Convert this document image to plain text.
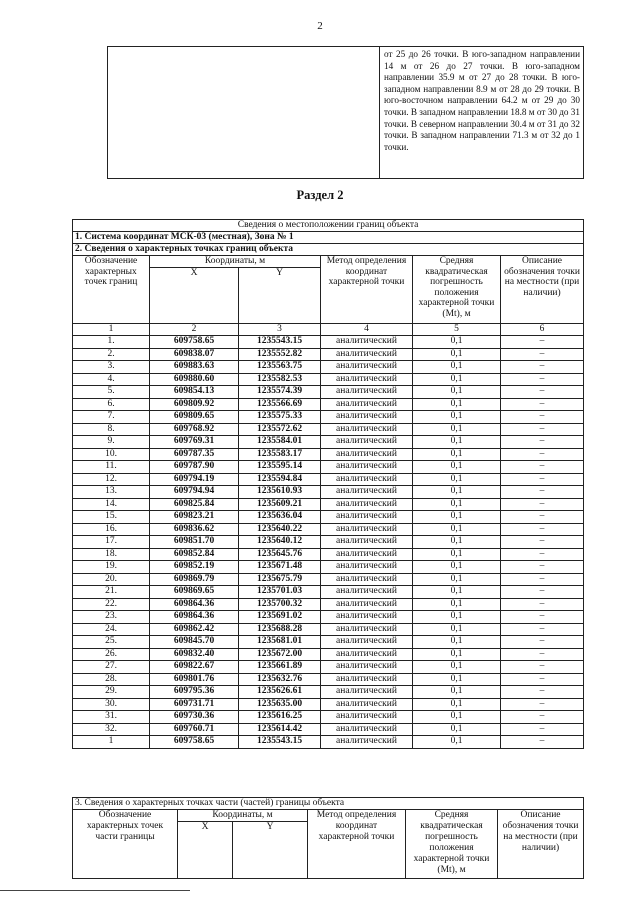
2
от 25 до 26 точки. В юго-западном направлении 14 м от 26 до 27 точки. В юго-западном направлении 35.9 м от 27 до 28 точки. В юго-западном направлении 8.9 м от 28 до 29 точки. В юго-восточном направлении 64.2 м от 29 до 30 точки. В западном направлении 18.8 м от 30 до 31 точки. В северном направлении 30.4 м от 31 до 32 точки. В западном направлении 71.3 м от 32 до 1 точки.
Раздел 2
Сведения о местоположении границ объекта					
1. Система координат МСК-03 (местная), Зона № 1					
2. Сведения о характерных точках границ объекта					
Обозначение характерных точек границ	Координаты, м		Метод определения координат характерной точки	Средняя квадратическая погрешность положения характерной точки (Mt), м	Описание обозначения точки на местности (при наличии)
	X	Y			
1	2	3	4	5	6
1.	609758.65	1235543.15	аналитический	0,1	–
2.	609838.07	1235552.82	аналитический	0,1	–
3.	609883.63	1235563.75	аналитический	0,1	–
4.	609880.60	1235582.53	аналитический	0,1	–
5.	609854.13	1235574.39	аналитический	0,1	–
6.	609809.92	1235566.69	аналитический	0,1	–
7.	609809.65	1235575.33	аналитический	0,1	–
8.	609768.92	1235572.62	аналитический	0,1	–
9.	609769.31	1235584.01	аналитический	0,1	–
10.	609787.35	1235583.17	аналитический	0,1	–
11.	609787.90	1235595.14	аналитический	0,1	–
12.	609794.19	1235594.84	аналитический	0,1	–
13.	609794.94	1235610.93	аналитический	0,1	–
14.	609825.84	1235609.21	аналитический	0,1	–
15.	609823.21	1235636.04	аналитический	0,1	–
16.	609836.62	1235640.22	аналитический	0,1	–
17.	609851.70	1235640.12	аналитический	0,1	–
18.	609852.84	1235645.76	аналитический	0,1	–
19.	609852.19	1235671.48	аналитический	0,1	–
20.	609869.79	1235675.79	аналитический	0,1	–
21.	609869.65	1235701.03	аналитический	0,1	–
22.	609864.36	1235700.32	аналитический	0,1	–
23.	609864.36	1235691.02	аналитический	0,1	–
24.	609862.42	1235688.28	аналитический	0,1	–
25.	609845.70	1235681.01	аналитический	0,1	–
26.	609832.40	1235672.00	аналитический	0,1	–
27.	609822.67	1235661.89	аналитический	0,1	–
28.	609801.76	1235632.76	аналитический	0,1	–
29.	609795.36	1235626.61	аналитический	0,1	–
30.	609731.71	1235635.00	аналитический	0,1	–
31.	609730.36	1235616.25	аналитический	0,1	–
32.	609760.71	1235614.42	аналитический	0,1	–
1	609758.65	1235543.15	аналитический	0,1	–
3. Сведения о характерных точках части (частей) границы объекта					
Обозначение характерных точек части границы	Координаты, м		Метод определения координат характерной точки	Средняя квадратическая погрешность положения характерной точки (Mt), м	Описание обозначения точки на местности (при наличии)
	X	Y			
